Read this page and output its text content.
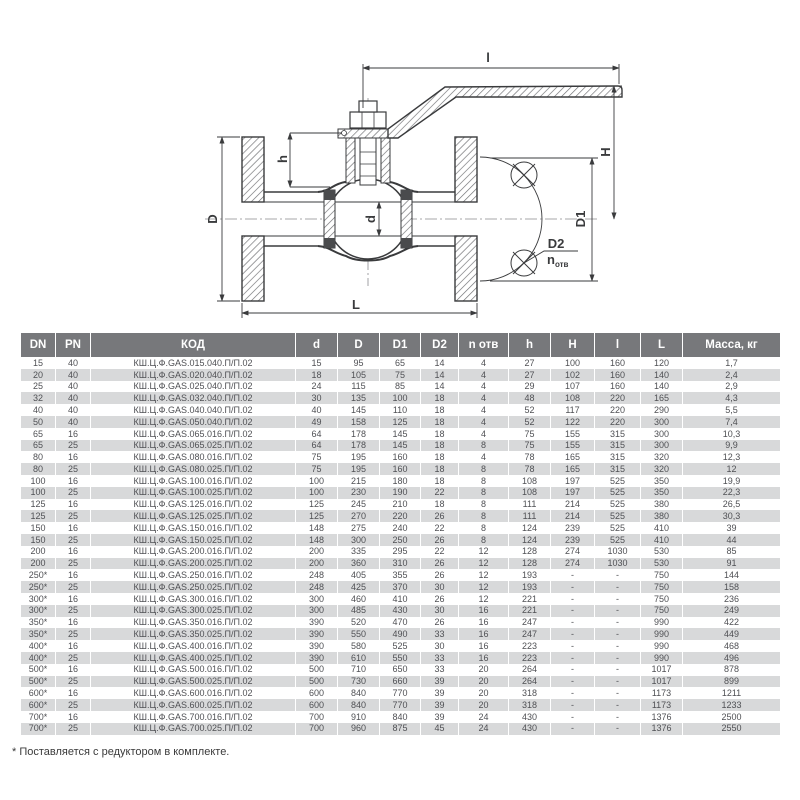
l
H
h
D	d	D1
D2
$n_{отв}$
L
DN	PN	КОД	d	D	D1	D2	n отв	h	H	l	L	Масса, кг
15	40	КШ.Ц.Ф.GAS.015.040.П/П.02	15	95	65	14	4	27	100	160	120	1,7
20	40	КШ.Ц.Ф.GAS.020.040.П/П.02	18	105	75	14	4	27	102	160	140	2,4
25	40	КШ.Ц.Ф.GAS.025.040.П/П.02	24	115	85	14	4	29	107	160	140	2,9
32	40	КШ.Ц.Ф.GAS.032.040.П/П.02	30	135	100	18	4	48	108	220	165	4,3
40	40	КШ.Ц.Ф.GAS.040.040.П/П.02	40	145	110	18	4	52	117	220	290	5,5
50	40	КШ.Ц.Ф.GAS.050.040.П/П.02	49	158	125	18	4	52	122	220	300	7,4
65	16	КШ.Ц.Ф.GAS.065.016.П/П.02	64	178	145	18	4	75	155	315	300	10,3
65	25	КШ.Ц.Ф.GAS.065.025.П/П.02	64	178	145	18	8	75	155	315	300	9,9
80	16	КШ.Ц.Ф.GAS.080.016.П/П.02	75	195	160	18	4	78	165	315	320	12,3
80	25	КШ.Ц.Ф.GAS.080.025.П/П.02	75	195	160	18	8	78	165	315	320	12
100	16	КШ.Ц.Ф.GAS.100.016.П/П.02	100	215	180	18	8	108	197	525	350	19,9
100	25	КШ.Ц.Ф.GAS.100.025.П/П.02	100	230	190	22	8	108	197	525	350	22,3
125	16	КШ.Ц.Ф.GAS.125.016.П/П.02	125	245	210	18	8	111	214	525	380	26,5
125	25	КШ.Ц.Ф.GAS.125.025.П/П.02	125	270	220	26	8	111	214	525	380	30,3
150	16	КШ.Ц.Ф.GAS.150.016.П/П.02	148	275	240	22	8	124	239	525	410	39
150	25	КШ.Ц.Ф.GAS.150.025.П/П.02	148	300	250	26	8	124	239	525	410	44
200	16	КШ.Ц.Ф.GAS.200.016.П/П.02	200	335	295	22	12	128	274	1030	530	85
200	25	КШ.Ц.Ф.GAS.200.025.П/П.02	200	360	310	26	12	128	274	1030	530	91
250*	16	КШ.Ц.Ф.GAS.250.016.П/П.02	248	405	355	26	12	193	-	-	750	144
250*	25	КШ.Ц.Ф.GAS.250.025.П/П.02	248	425	370	30	12	193	-	-	750	158
300*	16	КШ.Ц.Ф.GAS.300.016.П/П.02	300	460	410	26	12	221	-	-	750	236
300*	25	КШ.Ц.Ф.GAS.300.025.П/П.02	300	485	430	30	16	221	-	-	750	249
350*	16	КШ.Ц.Ф.GAS.350.016.П/П.02	390	520	470	26	16	247	-	-	990	422
350*	25	КШ.Ц.Ф.GAS.350.025.П/П.02	390	550	490	33	16	247	-	-	990	449
400*	16	КШ.Ц.Ф.GAS.400.016.П/П.02	390	580	525	30	16	223	-	-	990	468
400*	25	КШ.Ц.Ф.GAS.400.025.П/П.02	390	610	550	33	16	223	-	-	990	496
500*	16	КШ.Ц.Ф.GAS.500.016.П/П.02	500	710	650	33	20	264	-	-	1017	878
500*	25	КШ.Ц.Ф.GAS.500.025.П/П.02	500	730	660	39	20	264	-	-	1017	899
600*	16	КШ.Ц.Ф.GAS.600.016.П/П.02	600	840	770	39	20	318	-	-	1173	1211
600*	25	КШ.Ц.Ф.GAS.600.025.П/П.02	600	840	770	39	20	318	-	-	1173	1233
700*	16	КШ.Ц.Ф.GAS.700.016.П/П.02	700	910	840	39	24	430	-	-	1376	2500
700*	25	КШ.Ц.Ф.GAS.700.025.П/П.02	700	960	875	45	24	430	-	-	1376	2550
* Поставляется с редуктором в комплекте.
